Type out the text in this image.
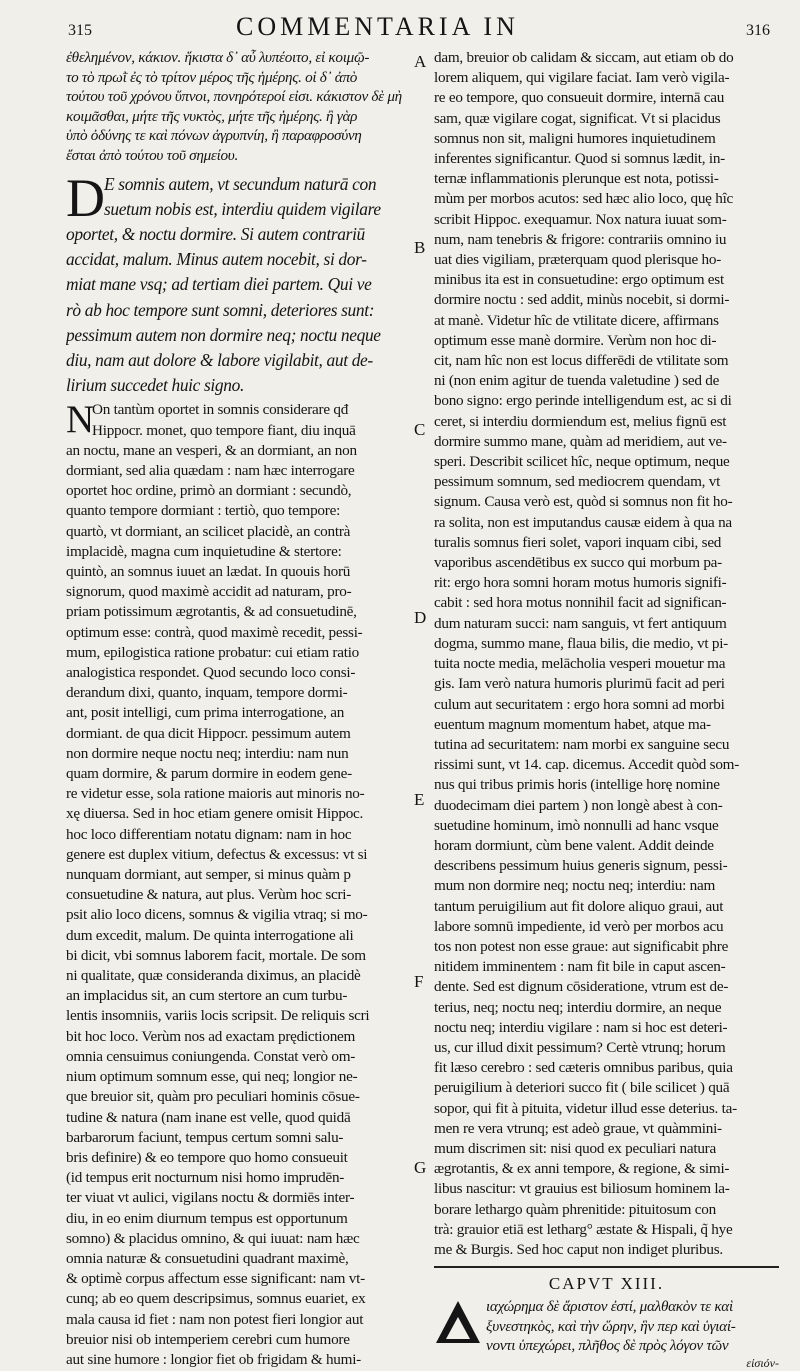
315	COMMENTARIA IN	316
ἐθελημένον, κάκιον. ἥκιστα δ᾽ αὖ λυπέοιτο, εἰ κοιμῷ-
το τὸ πρωῒ ἐς τὸ τρίτον μέρος τῆς ἡμέρης. οἱ δ᾽ ἀπὸ
τούτου τοῦ χρόνου ὕπνοι, πονηρότεροί εἰσι. κάκιστον δὲ μὴ
κοιμᾶσθαι, μήτε τῆς νυκτὸς, μήτε τῆς ἡμέρης. ἢ γὰρ
ὑπὸ ὀδύνης τε καὶ πόνων ἀγρυπνίη, ἢ παραφροσύνη
ἔσται ἀπὸ τούτου τοῦ σημείου.
D E somnis autem, vt secundum naturā con
suetum nobis est, interdiu quidem vigilare
oportet, & noctu dormire. Si autem contrariū
accidat, malum. Minus autem nocebit, si dor-
miat mane vsq; ad tertiam diei partem. Qui ve
rò ab hoc tempore sunt somni, deteriores sunt:
pessimum autem non dormire neq; noctu neque
diu, nam aut dolore & labore vigilabit, aut de-
lirium succedet huic signo.
N
On tantùm oportet in somnis considerare qđ
Hippocr. monet, quo tempore fiant, diu inquā
an noctu, mane an vesperi, & an dormiant, an non
dormiant, sed alia quædam : nam hæc interrogare
oportet hoc ordine, primò an dormiant : secundò,
quanto tempore dormiant : tertiò, quo tempore:
quartò, vt dormiant, an scilicet placidè, an contrà
implacidè, magna cum inquietudine & stertore:
quintò, an somnus iuuet an lædat. In quouis horū
signorum, quod maximè accidit ad naturam, pro-
priam potissimum ægrotantis, & ad consuetudinē,
optimum esse: contrà, quod maximè recedit, pessi-
mum, epilogistica ratione probatur: cui etiam ratio
analogistica respondet. Quod secundo loco consi-
derandum dixi, quanto, inquam, tempore dormi-
ant, posit intelligi, cum prima interrogatione, an
dormiant. de qua dicit Hippocr. pessimum autem
non dormire neque noctu neq; interdiu: nam nun
quam dormire, & parum dormire in eodem gene-
re videtur esse, sola ratione maioris aut minoris no-
xę diuersa. Sed in hoc etiam genere omisit Hippoc.
hoc loco differentiam notatu dignam: nam in hoc
genere est duplex vitium, defectus & excessus: vt si
nunquam dormiant, aut semper, si minus quàm p
consuetudine & natura, aut plus. Verùm hoc scri-
psit alio loco dicens, somnus & vigilia vtraq; si mo-
dum excedit, malum. De quinta interrogatione ali
bi dicit, vbi somnus laborem facit, mortale. De som
ni qualitate, quæ consideranda diximus, an placidè
an implacidus sit, an cum stertore an cum turbu-
lentis insomniis, variis locis scripsit. De reliquis scri
bit hoc loco. Verùm nos ad exactam prędictionem
omnia censuimus coniungenda. Constat verò om-
nium optimum somnum esse, qui neq; longior ne-
que breuior sit, quàm pro peculiari hominis cōsue-
tudine & natura (nam inane est velle, quod quidā
barbarorum faciunt, tempus certum somni salu-
bris definire) & eo tempore quo homo consueuit
(id tempus erit nocturnum nisi homo imprudēn-
ter viuat vt aulici, vigilans noctu & dormiēs inter-
diu, in eo enim diurnum tempus est opportunum
somno) & placidus omnino, & qui iuuat: nam hæc
omnia naturæ & consuetudini quadrant maximè,
& optimè corpus affectum esse significant: nam vt-
cunq; ab eo quem descripsimus, somnus euariet, ex
mala causa id fiet : nam non potest fieri longior aut
breuior nisi ob intemperiem cerebri cum humore
aut sine humore : longior fiet ob frigidam & humi-
A
B
C
D
E
F
G
dam, breuior ob calidam & siccam, aut etiam ob do
lorem aliquem, qui vigilare faciat. Iam verò vigila-
re eo tempore, quo consueuit dormire, internā cau
sam, quæ vigilare cogat, significat. Vt si placidus
somnus non sit, maligni humores inquietudinem
inferentes significantur. Quod si somnus lædit, in-
ternæ inflammationis plerunque est nota, potissi-
mùm per morbos acutos: sed hæc alio loco, quę hîc
scribit Hippoc. exequamur. Nox natura iuuat som-
num, nam tenebris & frigore: contrariis omnino iu
uat dies vigiliam, præterquam quod plerisque ho-
minibus ita est in consuetudine: ergo optimum est
dormire noctu : sed addit, minùs nocebit, si dormi-
at manè. Videtur hîc de vtilitate dicere, affirmans
optimum esse manè dormire. Verùm non hoc di-
cit, nam hîc non est locus differēdi de vtilitate som
ni (non enim agitur de tuenda valetudine ) sed de
bono signo: ergo perinde intelligendum est, ac si di
ceret, si interdiu dormiendum est, melius fignū est
dormire summo mane, quàm ad meridiem, aut ve-
speri. Describit scilicet hîc, neque optimum, neque
pessimum somnum, sed mediocrem quendam, vt
signum. Causa verò est, quòd si somnus non fit ho-
ra solita, non est imputandus causæ eidem à qua na
turalis somnus fieri solet, vapori inquam cibi, sed
vaporibus ascendētibus ex succo qui morbum pa-
rit: ergo hora somni horam motus humoris signifi-
cabit : sed hora motus nonnihil facit ad significan-
dum naturam succi: nam sanguis, vt fert antiquum
dogma, summo mane, flaua bilis, die medio, vt pi-
tuita nocte media, melācholia vesperi mouetur ma
gis. Iam verò natura humoris plurimū facit ad peri
culum aut securitatem : ergo hora somni ad morbi
euentum magnum momentum habet, atque ma-
tutina ad securitatem: nam morbi ex sanguine secu
rissimi sunt, vt 14. cap. dicemus. Accedit quòd som-
nus qui tribus primis horis (intellige horę nomine
duodecimam diei partem ) non longè abest à con-
suetudine hominum, imò nonnulli ad hanc vsque
horam dormiunt, cùm bene valent. Addit deinde
describens pessimum huius generis signum, pessi-
mum non dormire neq; noctu neq; interdiu: nam
tantum peruigilium aut fit dolore aliquo graui, aut
labore somnū impediente, id verò per morbos acu
tos non potest non esse graue: aut significabit phre
nitidem imminentem : nam fit bile in caput ascen-
dente. Sed est dignum cōsideratione, vtrum est de-
terius, neq; noctu neq; interdiu dormire, an neque
noctu neq; interdiu vigilare : nam si hoc est deteri-
us, cur illud dixit pessimum? Certè vtrunq; horum
fit læso cerebro : sed cæteris omnibus paribus, quia
peruigilium à deteriori succo fit ( bile scilicet ) quā
sopor, qui fit à pituita, videtur illud esse deterius. ta-
men re vera vtrunq; est adeò graue, vt quàmmini-
mum discrimen sit: nisi quod ex peculiari natura
ægrotantis, & ex anni tempore, & regione, & simi-
libus nascitur: vt grauius est biliosum hominem la-
borare lethargo quàm phrenitide: pituitosum con
trà: grauior etiā est letharg° æstate & Hispali, q̃ hye
me & Burgis. Sed hoc caput non indiget pluribus.
CAPVT XIII.
ιαχώρημα δὲ ἄριστον ἐστί, μαλθακὸν τε καὶ
ξυνεστηκὸς, καὶ τὴν ὥρην, ἣν περ καὶ ὑγιαί-
νοντι ὑπεχώρει, πλῆθος δὲ πρὸς λόγον τῶν
εἰσιόν-
